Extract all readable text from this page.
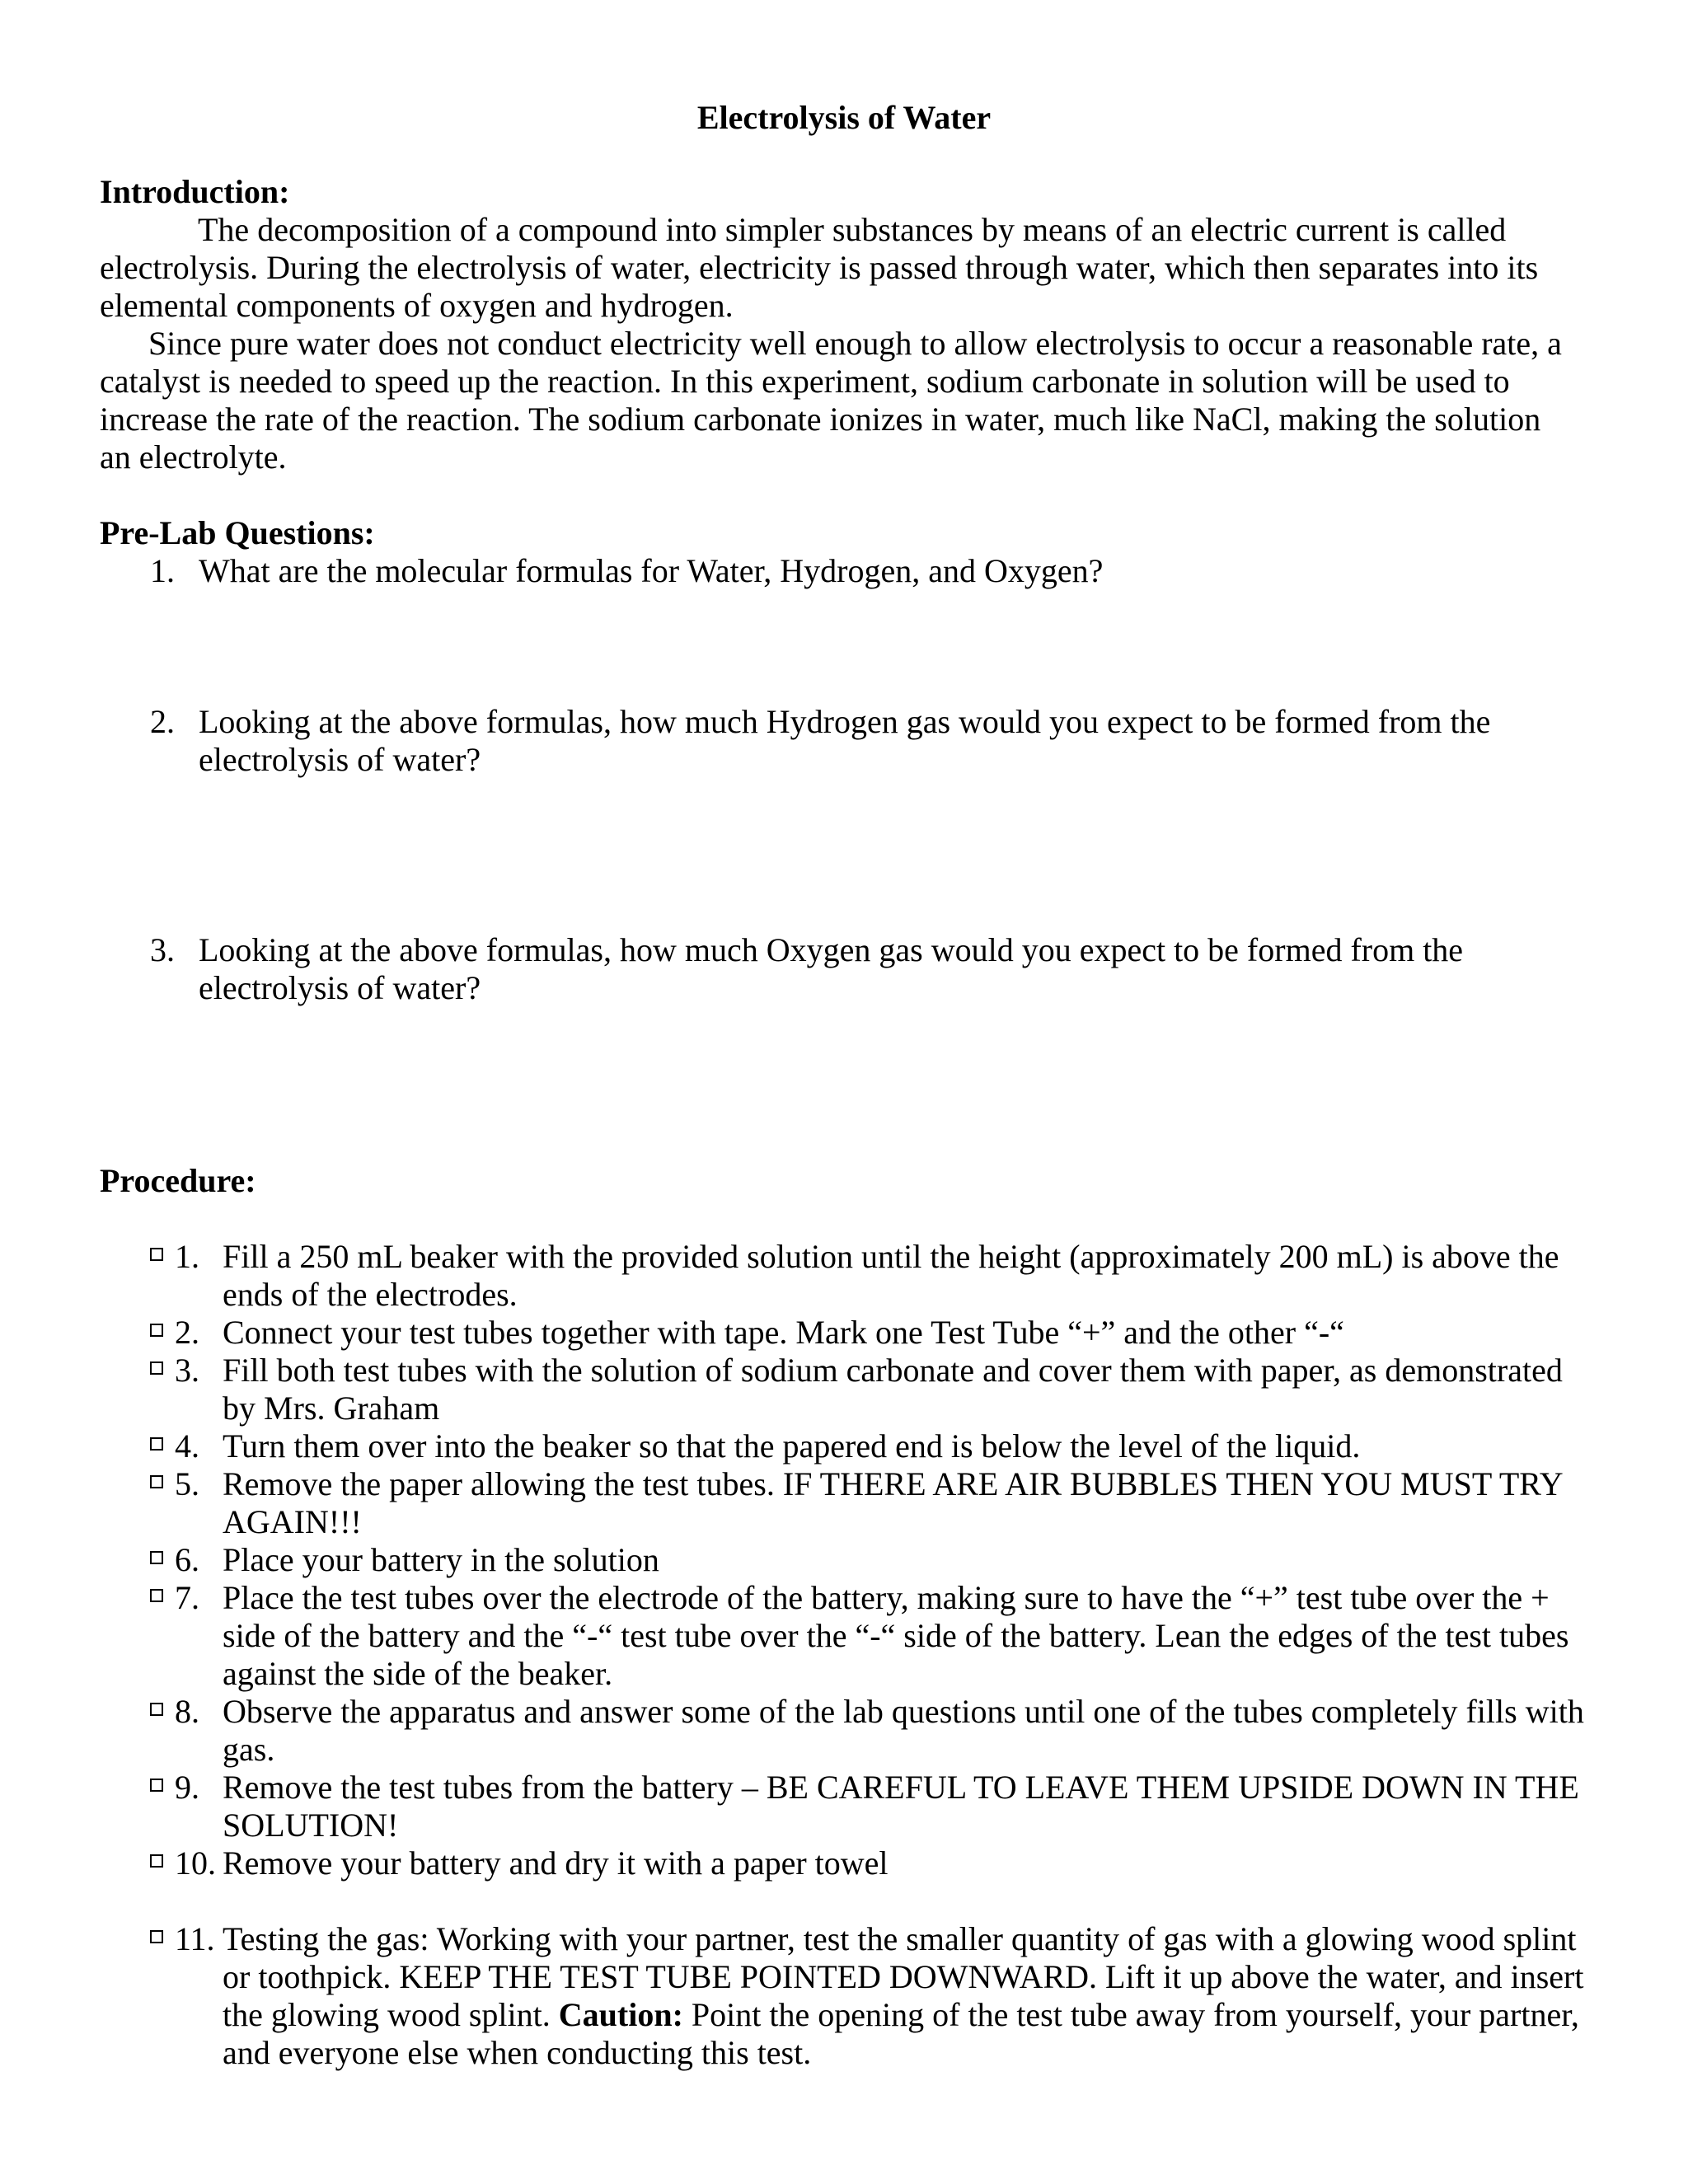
Electrolysis of Water
Introduction:
The decomposition of a compound into simpler substances by means of an electric current is called
electrolysis. During the electrolysis of water, electricity is passed through water, which then separates into its
elemental components of oxygen and hydrogen.
Since pure water does not conduct electricity well enough to allow electrolysis to occur a reasonable rate, a
catalyst is needed to speed up the reaction. In this experiment, sodium carbonate in solution will be used to
increase the rate of the reaction. The sodium carbonate ionizes in water, much like NaCl, making the solution
an electrolyte.
Pre-Lab Questions:
1. What are the molecular formulas for Water, Hydrogen, and Oxygen?
2. Looking at the above formulas, how much Hydrogen gas would you expect to be formed from the electrolysis of water?
3. Looking at the above formulas, how much Oxygen gas would you expect to be formed from the electrolysis of water?
Procedure:
1. Fill a 250 mL beaker with the provided solution until the height (approximately 200 mL) is above the ends of the electrodes.
2. Connect your test tubes together with tape. Mark one Test Tube “+” and the other “-“
3. Fill both test tubes with the solution of sodium carbonate and cover them with paper, as demonstrated by Mrs. Graham
4. Turn them over into the beaker so that the papered end is below the level of the liquid.
5. Remove the paper allowing the test tubes. IF THERE ARE AIR BUBBLES THEN YOU MUST TRY AGAIN!!!
6. Place your battery in the solution
7. Place the test tubes over the electrode of the battery, making sure to have the “+” test tube over the + side of the battery and the “-“ test tube over the “-“ side of the battery. Lean the edges of the test tubes against the side of the beaker.
8. Observe the apparatus and answer some of the lab questions until one of the tubes completely fills with gas.
9. Remove the test tubes from the battery – BE CAREFUL TO LEAVE THEM UPSIDE DOWN IN THE SOLUTION!
10. Remove your battery and dry it with a paper towel
11. Testing the gas: Working with your partner, test the smaller quantity of gas with a glowing wood splint or toothpick. KEEP THE TEST TUBE POINTED DOWNWARD. Lift it up above the water, and insert the glowing wood splint. Caution: Point the opening of the test tube away from yourself, your partner, and everyone else when conducting this test.
